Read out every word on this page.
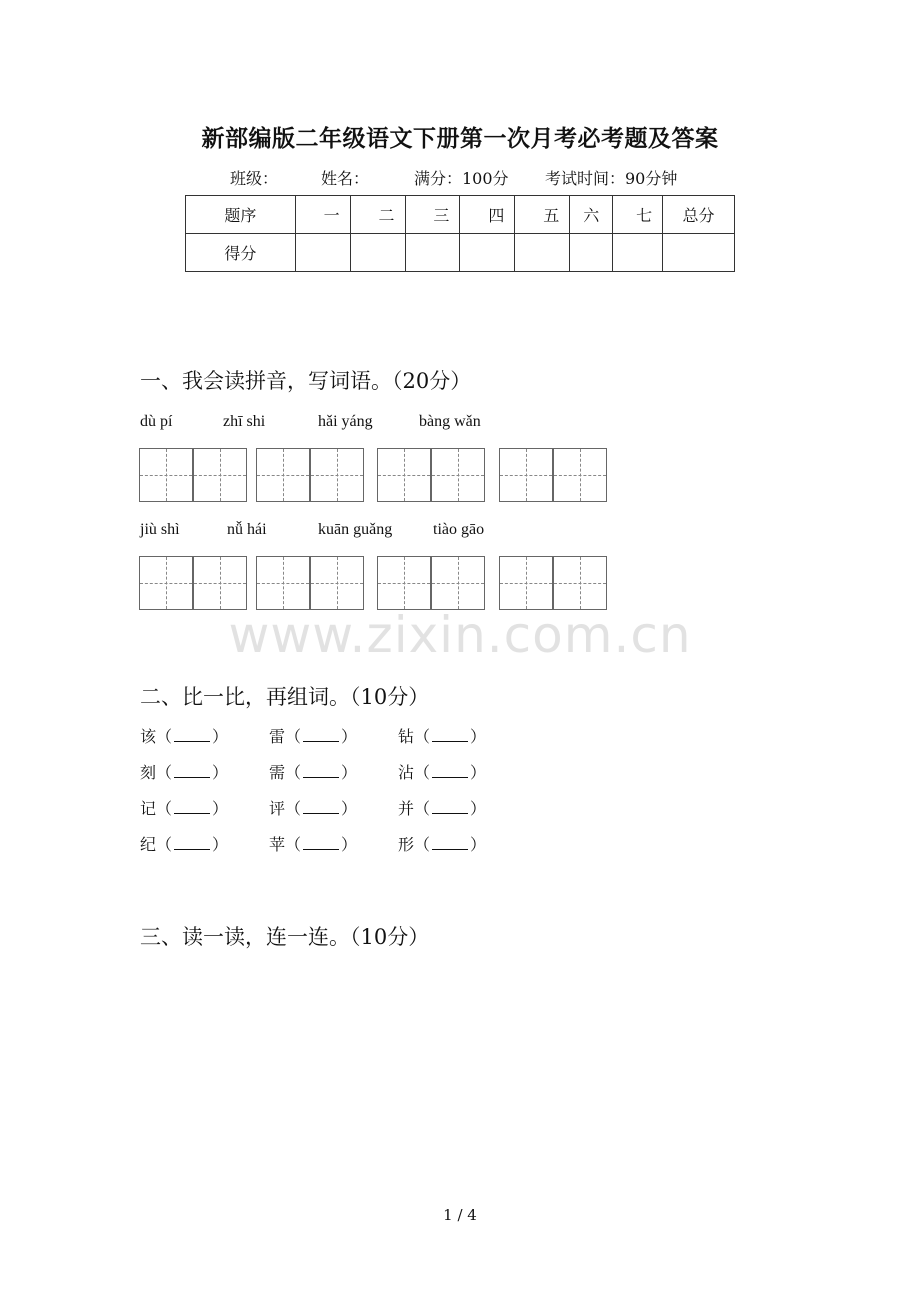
新部编版二年级语文下册第一次月考必考题及答案
班级：	姓名：	满分：100分 考试时间：90分钟
题序	一	二	三	四	五	六	七	总分
得分								
一、我会读拼音，写词语。（20分）
dù pí	zhī shi	hǎi yáng	bàng wǎn
jiù shì	nǚ hái	kuān guǎng	tiào gāo
www.zixin.com.cn
二、比一比，再组词。（10分）
该（	）	雷（	）	钻（	）
刻（	）	需（	）	沾（	）
记（	）	评（	）	并（	）
纪（	）	苹（	）	形（	）
三、读一读，连一连。（10分）
1 / 4
